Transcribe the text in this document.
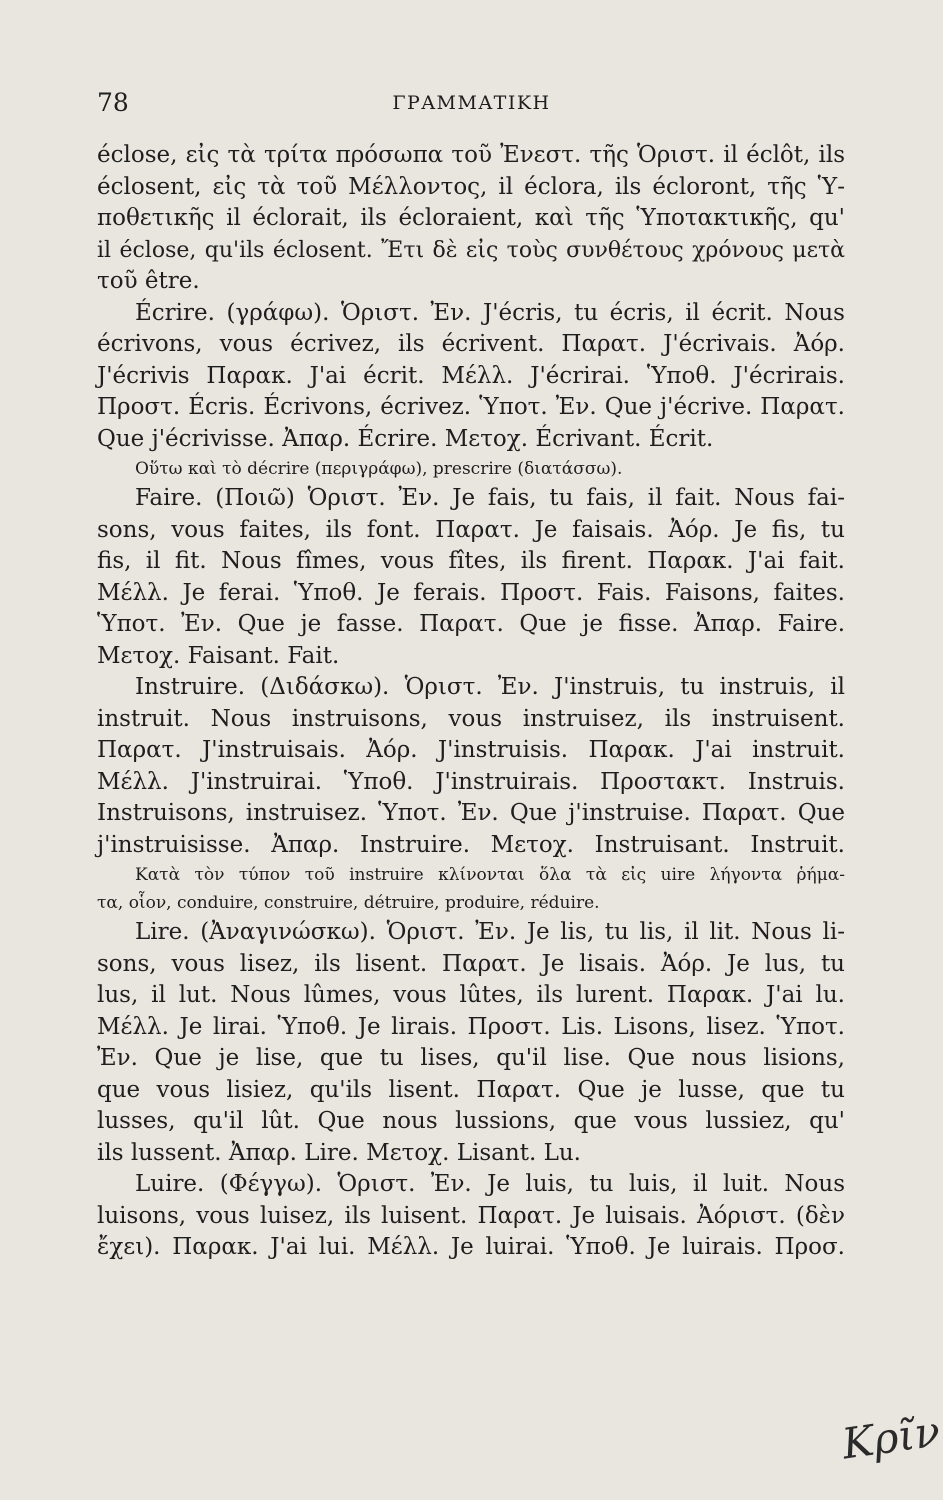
78	ΓΡΑΜΜΑΤΙΚΗ
éclose, εἰς τὰ τρίτα πρόσωπα τοῦ Ἐνεστ. τῆς Ὁριστ. il éclôt, ils
éclosent, εἰς τὰ τοῦ Μέλλοντος, il éclora, ils écloront, τῆς Ὑ-
ποθετικῆς il éclorait, ils écloraient, καὶ τῆς Ὑποτακτικῆς, qu'
il éclose, qu'ils éclosent. Ἔτι δὲ εἰς τοὺς συνθέτους χρόνους μετὰ
τοῦ être.
Écrire. (γράφω). Ὁριστ. Ἐν. J'écris, tu écris, il écrit. Nous
écrivons, vous écrivez, ils écrivent. Παρατ. J'écrivais. Ἀόρ.
J'écrivis Παρακ. J'ai écrit. Μέλλ. J'écrirai. Ὑποθ. J'écrirais.
Προστ. Écris. Écrivons, écrivez. Ὑποτ. Ἐν. Que j'écrive. Παρατ.
Que j'écrivisse. Ἀπαρ. Écrire. Μετοχ. Écrivant. Écrit.
Οὕτω καὶ τὸ décrire (περιγράφω), prescrire (διατάσσω).
Faire. (Ποιῶ) Ὁριστ. Ἐν. Je fais, tu fais, il fait. Nous fai-
sons, vous faites, ils font. Παρατ. Je faisais. Ἀόρ. Je fis, tu
fis, il fit. Nous fîmes, vous fîtes, ils firent. Παρακ. J'ai fait.
Μέλλ. Je ferai. Ὑποθ. Je ferais. Προστ. Fais. Faisons, faites.
Ὑποτ. Ἐν. Que je fasse. Παρατ. Que je fisse. Ἀπαρ. Faire.
Μετοχ. Faisant. Fait.
Instruire. (Διδάσκω). Ὁριστ. Ἐν. J'instruis, tu instruis, il
instruit. Nous instruisons, vous instruisez, ils instruisent.
Παρατ. J'instruisais. Ἀόρ. J'instruisis. Παρακ. J'ai instruit.
Μέλλ. J'instruirai. Ὑποθ. J'instruirais. Προστακτ. Instruis.
Instruisons, instruisez. Ὑποτ. Ἐν. Que j'instruise. Παρατ. Que
j'instruisisse. Ἀπαρ. Instruire. Μετοχ. Instruisant. Instruit.
Κατὰ τὸν τύπον τοῦ instruire κλίνονται ὅλα τὰ εἰς uire λήγοντα ῥήμα-
τα, οἷον, conduire, construire, détruire, produire, réduire.
Lire. (Ἀναγινώσκω). Ὁριστ. Ἐν. Je lis, tu lis, il lit. Nous li-
sons, vous lisez, ils lisent. Παρατ. Je lisais. Ἀόρ. Je lus, tu
lus, il lut. Nous lûmes, vous lûtes, ils lurent. Παρακ. J'ai lu.
Μέλλ. Je lirai. Ὑποθ. Je lirais. Προστ. Lis. Lisons, lisez. Ὑποτ.
Ἐν. Que je lise, que tu lises, qu'il lise. Que nous lisions,
que vous lisiez, qu'ils lisent. Παρατ. Que je lusse, que tu
lusses, qu'il lût. Que nous lussions, que vous lussiez, qu'
ils lussent. Ἀπαρ. Lire. Μετοχ. Lisant. Lu.
Luire. (Φέγγω). Ὁριστ. Ἐν. Je luis, tu luis, il luit. Nous
luisons, vous luisez, ils luisent. Παρατ. Je luisais. Ἀόριστ. (δὲν
ἔχει). Παρακ. J'ai lui. Μέλλ. Je luirai. Ὑποθ. Je luirais. Προσ.
Κρῖν
